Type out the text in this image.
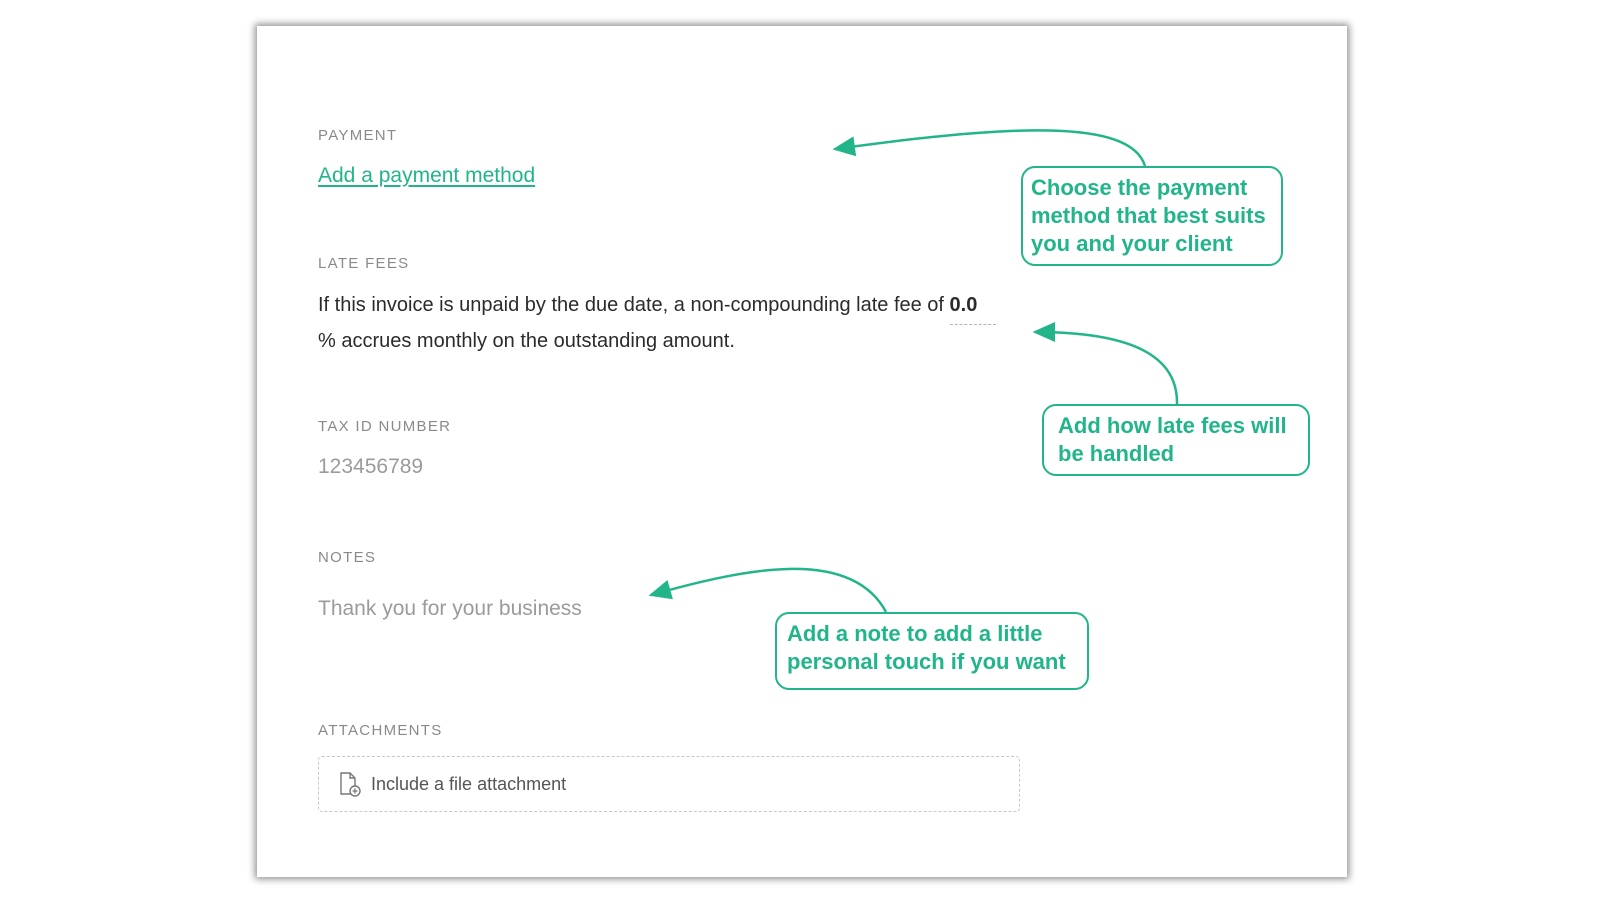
PAYMENT
Add a payment method
LATE FEES
If this invoice is unpaid by the due date, a non-compounding late fee of 0.0 % accrues monthly on the outstanding amount.
TAX ID NUMBER
123456789
NOTES
Thank you for your business
ATTACHMENTS
Include a file attachment
Choose the payment method that best suits you and your client
Add how late fees will be handled
Add a note to add a little personal touch if you want
